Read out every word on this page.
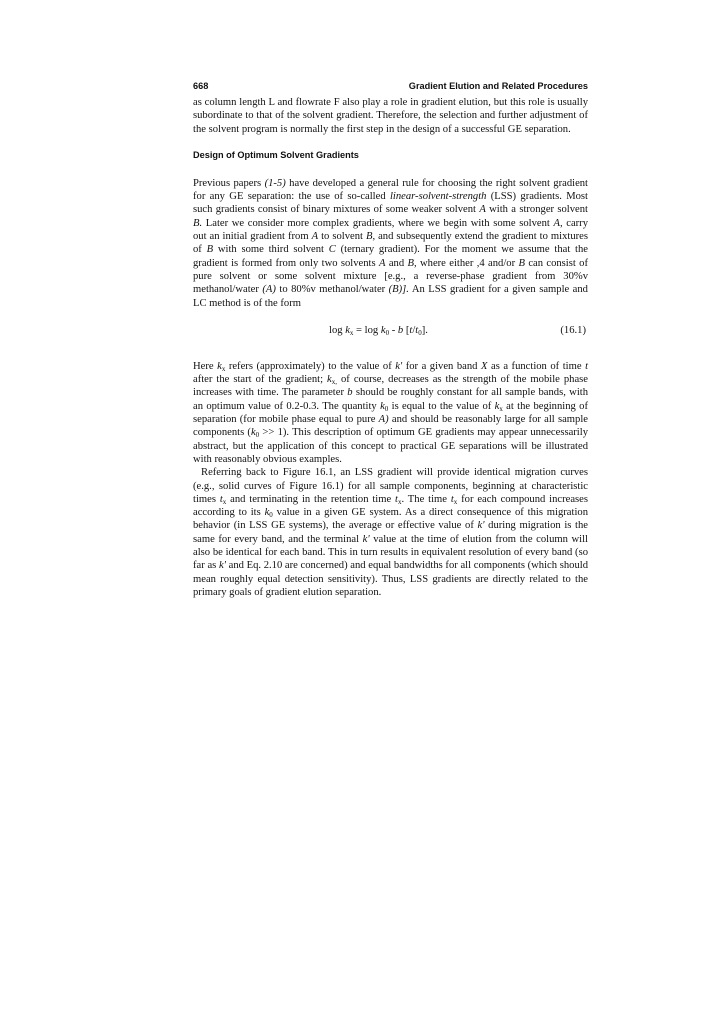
668	Gradient Elution and Related Procedures

as column length L and flowrate F also play a role in gradient elution, but this role is usually subordinate to that of the solvent gradient. Therefore, the selection and further adjustment of the solvent program is normally the first step in the design of a successful GE separation.

Design of Optimum Solvent Gradients

Previous papers (1-5) have developed a general rule for choosing the right solvent gradient for any GE separation: the use of so-called linear-solvent-strength (LSS) gradients. Most such gradients consist of binary mixtures of some weaker solvent A with a stronger solvent B. Later we consider more complex gradients, where we begin with some solvent A, carry out an initial gradient from A to solvent B, and subsequently extend the gradient to mixtures of B with some third solvent C (ternary gradient). For the moment we assume that the gradient is formed from only two solvents A and B, where either ,4 and/or B can consist of pure solvent or some solvent mixture [e.g., a reverse-phase gradient from 30%v methanol/water (A) to 80%v methanol/water (B)]. An LSS gradient for a given sample and LC method is of the form

$\log k_x = \log k_0 - b$ $[t/t_0]$.	(16.1)

Here $k_x$ refers (approximately) to the value of k' for a given band X as a function of time t after the start of the gradient; $k_{x,}$ of course, decreases as the strength of the mobile phase increases with time. The parameter b should be roughly constant for all sample bands, with an optimum value of 0.2-0.3. The quantity $k_0$ is equal to the value of $k_x$ at the beginning of separation (for mobile phase equal to pure A) and should be reasonably large for all sample components $(k_0 >> 1)$. This description of optimum GE gradients may appear unnecessarily abstract, but the application of this concept to practical GE separations will be illustrated with reasonably obvious examples.

Referring back to Figure 16.1, an LSS gradient will provide identical migration curves (e.g., solid curves of Figure 16.1) for all sample components, beginning at characteristic times $t_x$ and terminating in the retention time $t_x$. The time $t_x$ for each compound increases according to its $k_0$ value in a given GE system. As a direct consequence of this migration behavior (in LSS GE systems), the average or effective value of k' during migration is the same for every band, and the terminal k' value at the time of elution from the column will also be identical for each band. This in turn results in equivalent resolution of every band (so far as k' and Eq. 2.10 are concerned) and equal bandwidths for all components (which should mean roughly equal detection sensitivity). Thus, LSS gradients are directly related to the primary goals of gradient elution separation.
